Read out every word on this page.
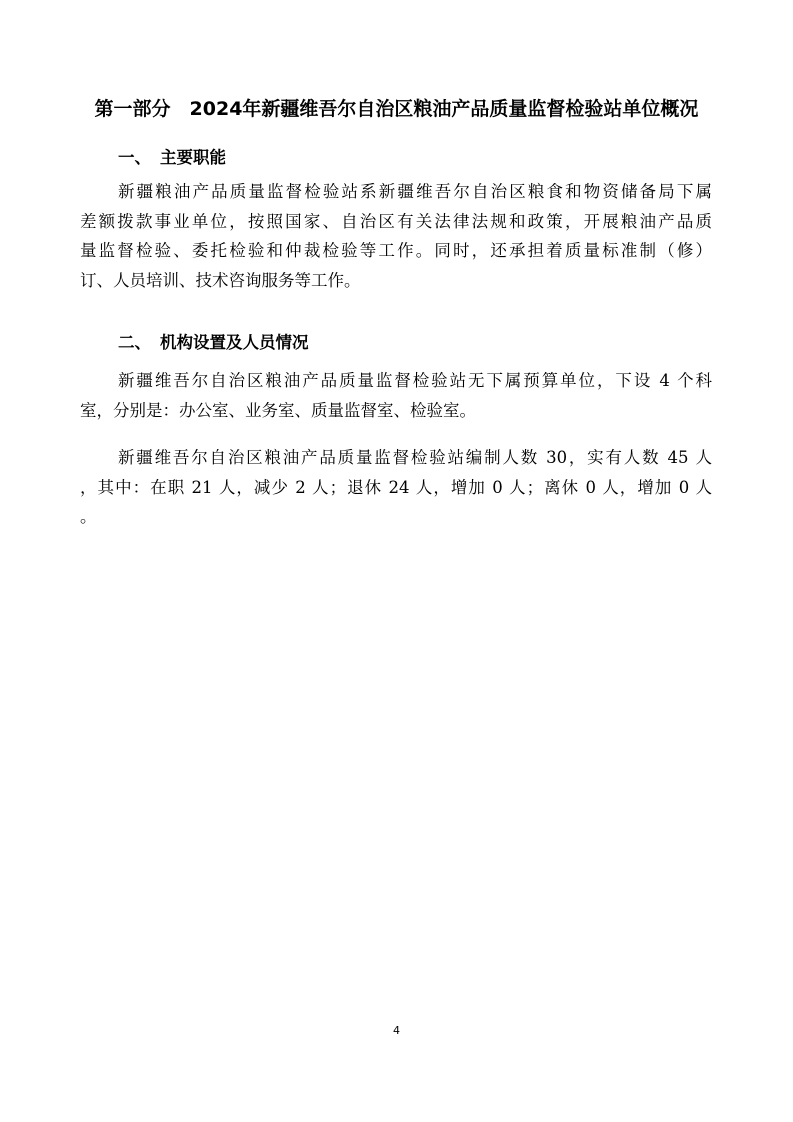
第一部分　2024年新疆维吾尔自治区粮油产品质量监督检验站单位概况
一、 主要职能
新疆粮油产品质量监督检验站系新疆维吾尔自治区粮食和物资储备局下属
差额拨款事业单位，按照国家、自治区有关法律法规和政策，开展粮油产品质
量监督检验、委托检验和仲裁检验等工作。同时，还承担着质量标准制（修）
订、人员培训、技术咨询服务等工作。
二、 机构设置及人员情况
新疆维吾尔自治区粮油产品质量监督检验站无下属预算单位，下设 4 个科
室，分别是：办公室、业务室、质量监督室、检验室。
新疆维吾尔自治区粮油产品质量监督检验站编制人数 30，实有人数 45 人
，其中：在职 21 人，减少 2 人；退休 24 人，增加 0 人；离休 0 人，增加 0 人
。
4
